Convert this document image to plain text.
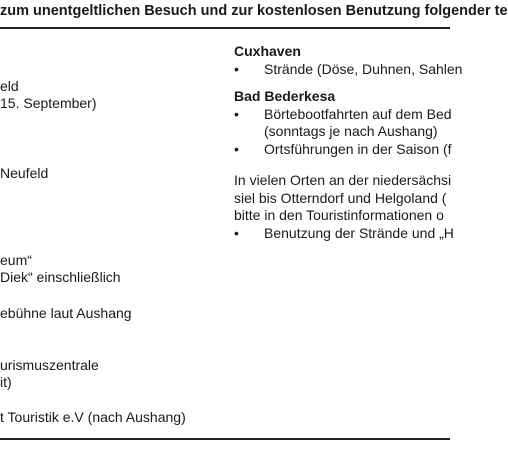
zum unentgeltlichen Besuch und zur kostenlosen Benutzung folgender te
eld
15. September)
Neufeld
eum“
Diek“ einschließlich
ebühne laut Aushang
urismuszentrale
it)
t Touristik e.V (nach Aushang)
Cuxhaven
•	Strände (Döse, Duhnen, Sahlen
Bad Bederkesa
•	Börtebootfahrten auf dem Bed
(sonntags je nach Aushang)
•	Ortsführungen in der Saison (f
In vielen Orten an der niedersächsi
siel bis Otterndorf und Helgoland (
bitte in den Touristinformationen o
•	Benutzung der Strände und „H
